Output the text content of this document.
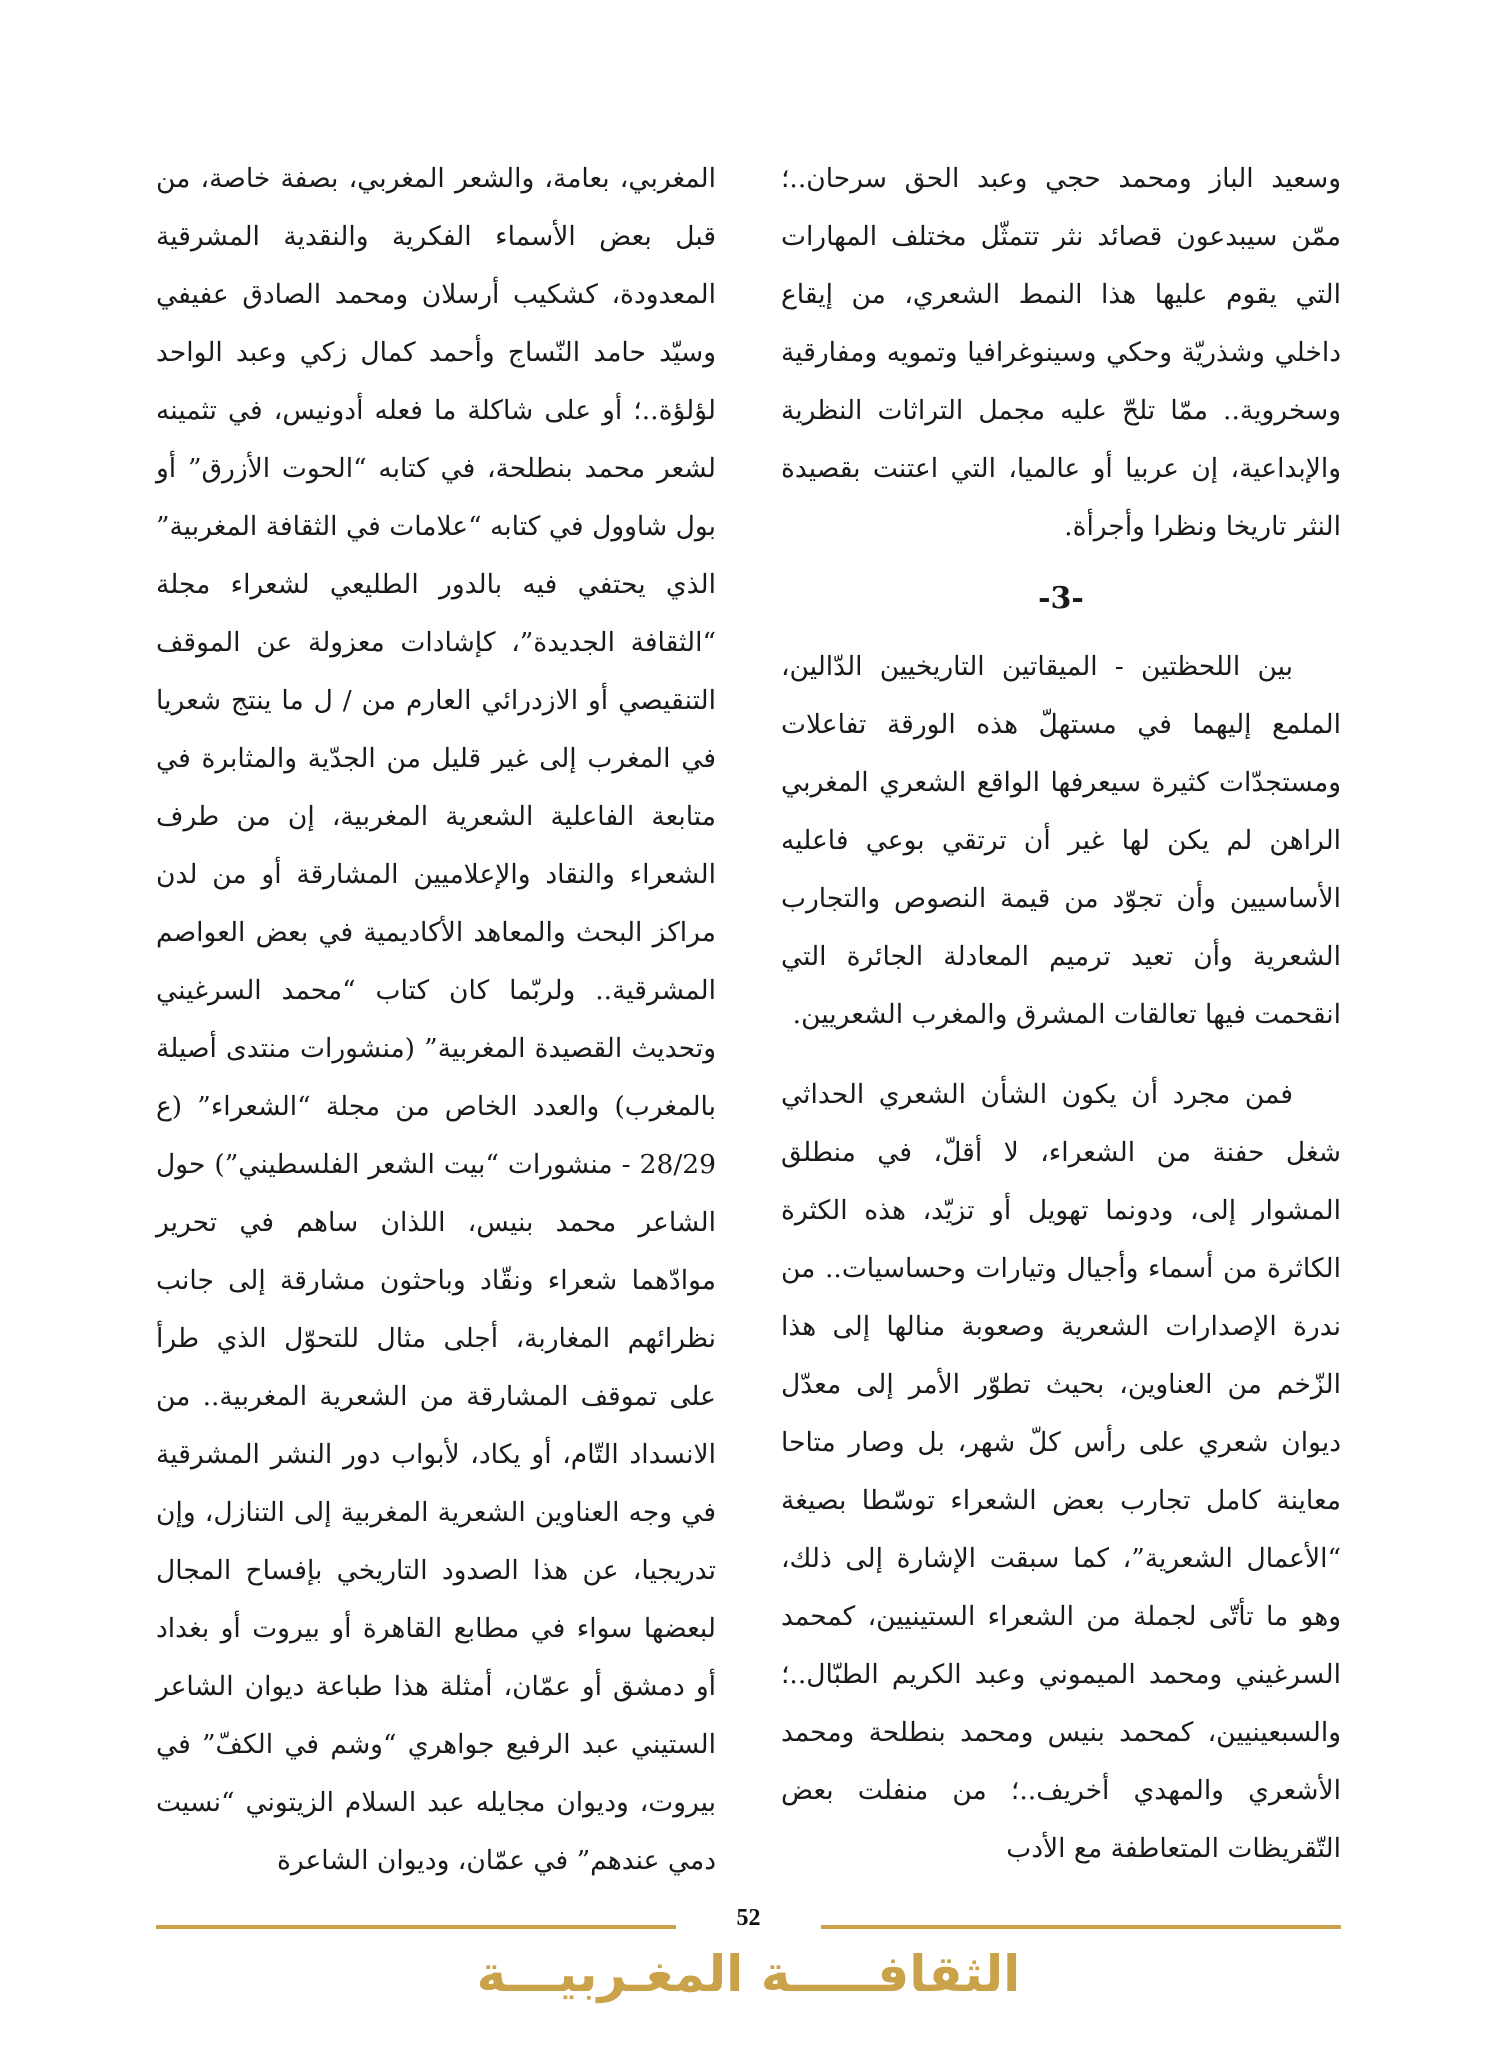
وسعيد الباز ومحمد حجي وعبد الحق سرحان..؛ ممّن سيبدعون قصائد نثر تتمثّل مختلف المهارات التي يقوم عليها هذا النمط الشعري، من إيقاع داخلي وشذريّة وحكي وسينوغرافيا وتمويه ومفارقية وسخروية.. ممّا تلحّ عليه مجمل التراثات النظرية والإبداعية، إن عربيا أو عالميا، التي اعتنت بقصيدة النثر تاريخا ونظرا وأجرأة.

-3-

بين اللحظتين - الميقاتين التاريخيين الدّالين، الملمع إليهما في مستهلّ هذه الورقة تفاعلات ومستجدّات كثيرة سيعرفها الواقع الشعري المغربي الراهن لم يكن لها غير أن ترتقي بوعي فاعليه الأساسيين وأن تجوّد من قيمة النصوص والتجارب الشعرية وأن تعيد ترميم المعادلة الجائرة التي انقحمت فيها تعالقات المشرق والمغرب الشعريين.

فمن مجرد أن يكون الشأن الشعري الحداثي شغل حفنة من الشعراء، لا أقلّ، في منطلق المشوار إلى، ودونما تهويل أو تزيّد، هذه الكثرة الكاثرة من أسماء وأجيال وتيارات وحساسيات.. من ندرة الإصدارات الشعرية وصعوبة منالها إلى هذا الزّخم من العناوين، بحيث تطوّر الأمر إلى معدّل ديوان شعري على رأس كلّ شهر، بل وصار متاحا معاينة كامل تجارب بعض الشعراء توسّطا بصيغة “الأعمال الشعرية”، كما سبقت الإشارة إلى ذلك، وهو ما تأتّى لجملة من الشعراء الستينيين، كمحمد السرغيني ومحمد الميموني وعبد الكريم الطبّال..؛ والسبعينيين، كمحمد بنيس ومحمد بنطلحة ومحمد الأشعري والمهدي أخريف..؛ من منفلت بعض التّقريظات المتعاطفة مع الأدب

المغربي، بعامة، والشعر المغربي، بصفة خاصة، من قبل بعض الأسماء الفكرية والنقدية المشرقية المعدودة، كشكيب أرسلان ومحمد الصادق عفيفي وسيّد حامد النّساج وأحمد كمال زكي وعبد الواحد لؤلؤة..؛ أو على شاكلة ما فعله أدونيس، في تثمينه لشعر محمد بنطلحة، في كتابه “الحوت الأزرق” أو بول شاوول في كتابه “علامات في الثقافة المغربية” الذي يحتفي فيه بالدور الطليعي لشعراء مجلة “الثقافة الجديدة”، كإشادات معزولة عن الموقف التنقيصي أو الازدرائي العارم من / ل ما ينتج شعريا في المغرب إلى غير قليل من الجدّية والمثابرة في متابعة الفاعلية الشعرية المغربية، إن من طرف الشعراء والنقاد والإعلاميين المشارقة أو من لدن مراكز البحث والمعاهد الأكاديمية في بعض العواصم المشرقية.. ولربّما كان كتاب “محمد السرغيني وتحديث القصيدة المغربية” (منشورات منتدى أصيلة بالمغرب) والعدد الخاص من مجلة “الشعراء” (ع 28/29 - منشورات “بيت الشعر الفلسطيني”) حول الشاعر محمد بنيس، اللذان ساهم في تحرير موادّهما شعراء ونقّاد وباحثون مشارقة إلى جانب نظرائهم المغاربة، أجلى مثال للتحوّل الذي طرأ على تموقف المشارقة من الشعرية المغربية.. من الانسداد التّام، أو يكاد، لأبواب دور النشر المشرقية في وجه العناوين الشعرية المغربية إلى التنازل، وإن تدريجيا، عن هذا الصدود التاريخي بإفساح المجال لبعضها سواء في مطابع القاهرة أو بيروت أو بغداد أو دمشق أو عمّان، أمثلة هذا طباعة ديوان الشاعر الستيني عبد الرفيع جواهري “وشم في الكفّ” في بيروت، وديوان مجايله عبد السلام الزيتوني “نسيت دمي عندهم” في عمّان، وديوان الشاعرة

52
الثقافـــــة المغـربيـــة
